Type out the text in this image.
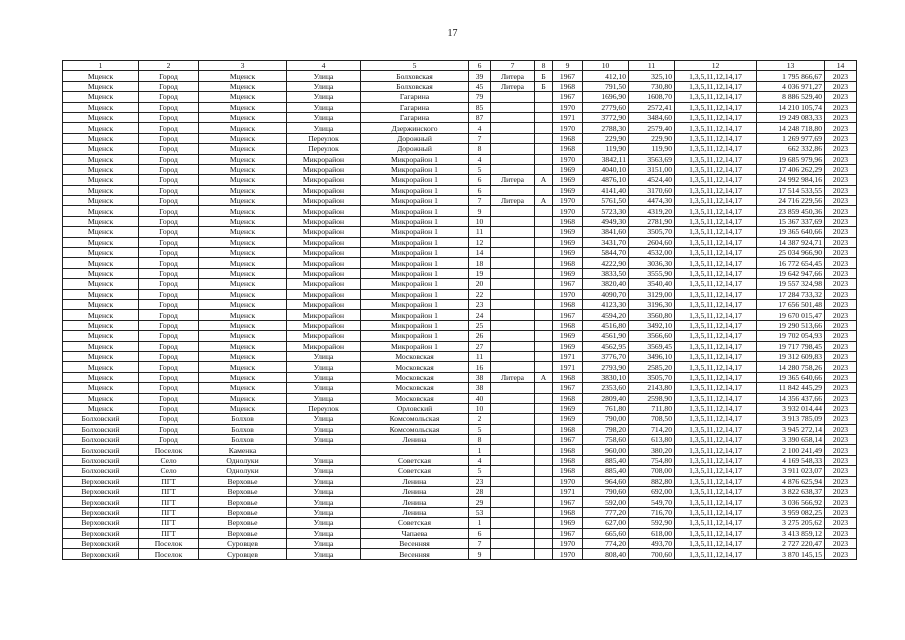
17
1	2	3	4	5	6	7	8	9	10	11	12	13	14
Мценск	Город	Мценск	Улица	Болховская	39	Литера	Б	1967	412,10	325,10	1,3,5,11,12,14,17	1 795 866,67	2023
Мценск	Город	Мценск	Улица	Болховская	45	Литера	Б	1968	791,50	730,80	1,3,5,11,12,14,17	4 036 971,27	2023
Мценск	Город	Мценск	Улица	Гагарина	79			1967	1696,90	1608,70	1,3,5,11,12,14,17	8 886 529,40	2023
Мценск	Город	Мценск	Улица	Гагарина	85			1970	2779,60	2572,41	1,3,5,11,12,14,17	14 210 105,74	2023
Мценск	Город	Мценск	Улица	Гагарина	87			1971	3772,90	3484,60	1,3,5,11,12,14,17	19 249 083,33	2023
Мценск	Город	Мценск	Улица	Дзержинского	4			1970	2788,30	2579,40	1,3,5,11,12,14,17	14 248 718,80	2023
Мценск	Город	Мценск	Переулок	Дорожный	7			1968	229,90	229,90	1,3,5,11,12,14,17	1 269 977,69	2023
Мценск	Город	Мценск	Переулок	Дорожный	8			1968	119,90	119,90	1,3,5,11,12,14,17	662 332,86	2023
Мценск	Город	Мценск	Микрорайон	Микрорайон 1	4			1970	3842,11	3563,69	1,3,5,11,12,14,17	19 685 979,96	2023
Мценск	Город	Мценск	Микрорайон	Микрорайон 1	5			1969	4040,10	3151,00	1,3,5,11,12,14,17	17 406 262,29	2023
Мценск	Город	Мценск	Микрорайон	Микрорайон 1	6	Литера	А	1969	4876,10	4524,40	1,3,5,11,12,14,17	24 992 984,16	2023
Мценск	Город	Мценск	Микрорайон	Микрорайон 1	6			1969	4141,40	3170,60	1,3,5,11,12,14,17	17 514 533,55	2023
Мценск	Город	Мценск	Микрорайон	Микрорайон 1	7	Литера	А	1970	5761,50	4474,30	1,3,5,11,12,14,17	24 716 229,56	2023
Мценск	Город	Мценск	Микрорайон	Микрорайон 1	9			1970	5723,30	4319,20	1,3,5,11,12,14,17	23 859 450,36	2023
Мценск	Город	Мценск	Микрорайон	Микрорайон 1	10			1968	4949,30	2781,90	1,3,5,11,12,14,17	15 367 337,69	2023
Мценск	Город	Мценск	Микрорайон	Микрорайон 1	11			1969	3841,60	3505,70	1,3,5,11,12,14,17	19 365 640,66	2023
Мценск	Город	Мценск	Микрорайон	Микрорайон 1	12			1969	3431,70	2604,60	1,3,5,11,12,14,17	14 387 924,71	2023
Мценск	Город	Мценск	Микрорайон	Микрорайон 1	14			1969	5844,70	4532,00	1,3,5,11,12,14,17	25 034 966,90	2023
Мценск	Город	Мценск	Микрорайон	Микрорайон 1	18			1968	4222,90	3036,30	1,3,5,11,12,14,17	16 772 654,45	2023
Мценск	Город	Мценск	Микрорайон	Микрорайон 1	19			1969	3833,50	3555,90	1,3,5,11,12,14,17	19 642 947,66	2023
Мценск	Город	Мценск	Микрорайон	Микрорайон 1	20			1967	3820,40	3540,40	1,3,5,11,12,14,17	19 557 324,98	2023
Мценск	Город	Мценск	Микрорайон	Микрорайон 1	22			1970	4090,70	3129,00	1,3,5,11,12,14,17	17 284 733,32	2023
Мценск	Город	Мценск	Микрорайон	Микрорайон 1	23			1968	4123,30	3196,30	1,3,5,11,12,14,17	17 656 501,48	2023
Мценск	Город	Мценск	Микрорайон	Микрорайон 1	24			1967	4594,20	3560,80	1,3,5,11,12,14,17	19 670 015,47	2023
Мценск	Город	Мценск	Микрорайон	Микрорайон 1	25			1968	4516,80	3492,10	1,3,5,11,12,14,17	19 290 513,66	2023
Мценск	Город	Мценск	Микрорайон	Микрорайон 1	26			1969	4561,90	3566,60	1,3,5,11,12,14,17	19 702 054,93	2023
Мценск	Город	Мценск	Микрорайон	Микрорайон 1	27			1969	4562,95	3569,45	1,3,5,11,12,14,17	19 717 798,45	2023
Мценск	Город	Мценск	Улица	Московская	11			1971	3776,70	3496,10	1,3,5,11,12,14,17	19 312 609,83	2023
Мценск	Город	Мценск	Улица	Московская	16			1971	2793,90	2585,20	1,3,5,11,12,14,17	14 280 758,26	2023
Мценск	Город	Мценск	Улица	Московская	38	Литера	А	1968	3830,10	3505,70	1,3,5,11,12,14,17	19 365 640,66	2023
Мценск	Город	Мценск	Улица	Московская	38			1967	2353,60	2143,80	1,3,5,11,12,14,17	11 842 445,29	2023
Мценск	Город	Мценск	Улица	Московская	40			1968	2809,40	2598,90	1,3,5,11,12,14,17	14 356 437,66	2023
Мценск	Город	Мценск	Переулок	Орловский	10			1969	761,80	711,80	1,3,5,11,12,14,17	3 932 014,44	2023
Болховский	Город	Болхов	Улица	Комсомольская	2			1969	790,00	708,50	1,3,5,11,12,14,17	3 913 785,09	2023
Болховский	Город	Болхов	Улица	Комсомольская	5			1968	798,20	714,20	1,3,5,11,12,14,17	3 945 272,14	2023
Болховский	Город	Болхов	Улица	Ленина	8			1967	758,60	613,80	1,3,5,11,12,14,17	3 390 658,14	2023
Болховский	Поселок	Каменка			1			1968	960,00	380,20	1,3,5,11,12,14,17	2 100 241,49	2023
Болховский	Село	Однолуки	Улица	Советская	4			1968	885,40	754,80	1,3,5,11,12,14,17	4 169 548,33	2023
Болховский	Село	Однолуки	Улица	Советская	5			1968	885,40	708,00	1,3,5,11,12,14,17	3 911 023,07	2023
Верховский	ПГТ	Верховье	Улица	Ленина	23			1970	964,60	882,80	1,3,5,11,12,14,17	4 876 625,94	2023
Верховский	ПГТ	Верховье	Улица	Ленина	28			1971	790,60	692,00	1,3,5,11,12,14,17	3 822 638,37	2023
Верховский	ПГТ	Верховье	Улица	Ленина	29			1967	592,00	549,70	1,3,5,11,12,14,17	3 036 566,92	2023
Верховский	ПГТ	Верховье	Улица	Ленина	53			1968	777,20	716,70	1,3,5,11,12,14,17	3 959 082,25	2023
Верховский	ПГТ	Верховье	Улица	Советская	1			1969	627,00	592,90	1,3,5,11,12,14,17	3 275 205,62	2023
Верховский	ПГТ	Верховье	Улица	Чапаева	6			1967	665,60	618,00	1,3,5,11,12,14,17	3 413 859,12	2023
Верховский	Поселок	Суровцев	Улица	Весенняя	7			1970	774,20	493,70	1,3,5,11,12,14,17	2 727 220,47	2023
Верховский	Поселок	Суровцев	Улица	Весенняя	9			1970	808,40	700,60	1,3,5,11,12,14,17	3 870 145,15	2023
